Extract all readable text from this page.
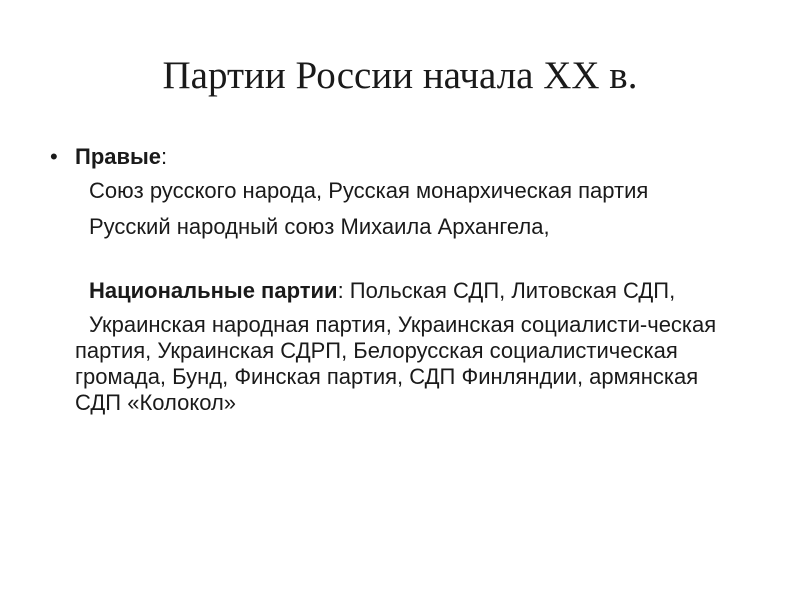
Партии России начала XX в.
• Правые:
Союз русского народа, Русская монархическая партия
Русский народный союз Михаила Архангела,
Национальные партии: Польская СДП, Литовская СДП,
Украинская народная партия, Украинская социалисти-ческая партия, Украинская СДРП, Белорусская социалистическая громада, Бунд, Финская партия, СДП Финляндии, армянская СДП «Колокол»
